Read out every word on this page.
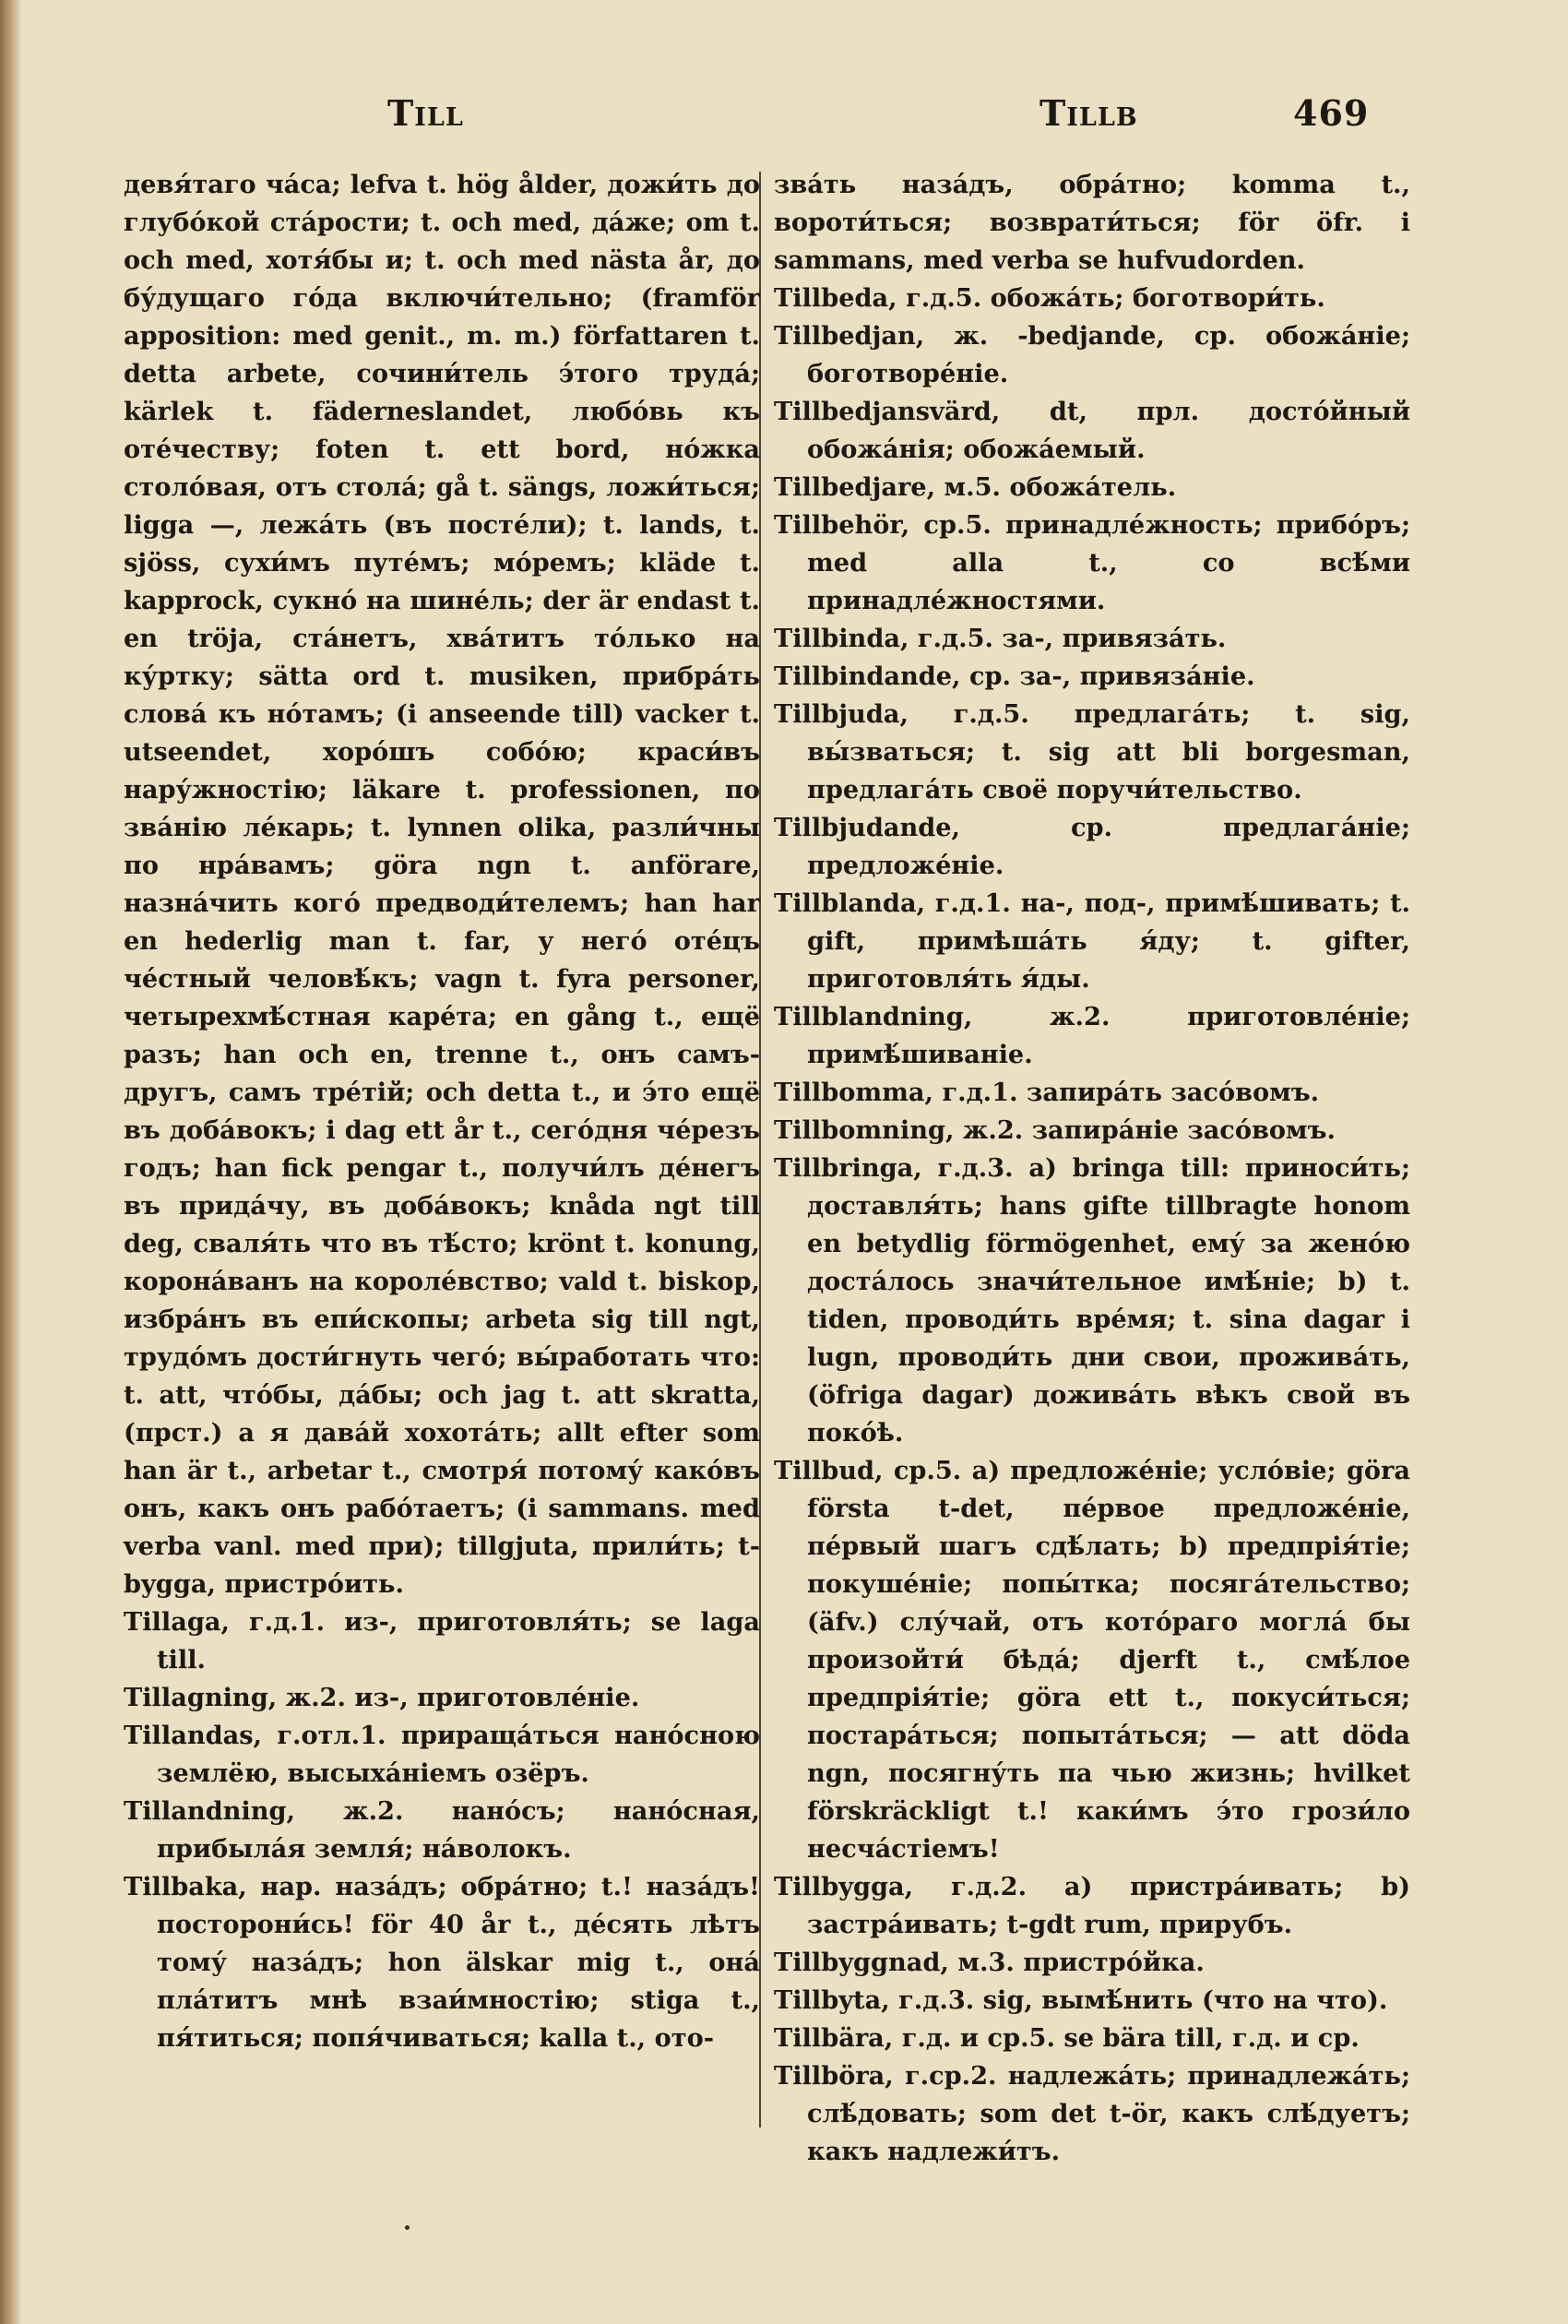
Till	Tillb	469

девя́таго ча́са; lefva t. hög ålder, дожи́ть до глубо́кой ста́рости; t. och med, да́же; om t. och med, хотя́бы и; t. och med nästa år, до бу́дущаго го́да включи́тельно; (framför apposition: med genit., m. m.) författaren t. detta arbete, сочини́тель э́того труда́; kärlek t. fäderneslandet, любо́вь къ оте́честву; foten t. ett bord, но́жка столо́вая, отъ стола́; gå t. sängs, ложи́ться; ligga —, лежа́ть (въ посте́ли); t. lands, t. sjöss, сухи́мъ путе́мъ; мо́ремъ; kläde t. kapprock, сукно́ на шине́ль; der är endast t. en tröja, ста́нетъ, хва́титъ то́лько на ку́ртку; sätta ord t. musiken, прибра́ть слова́ къ но́тамъ; (i anseende till) vacker t. utseendet, хоро́шъ собо́ю; краси́въ нару́жностію; läkare t. professionen, по зва́нію ле́карь; t. lynnen olika, разли́чны по нра́вамъ; göra ngn t. anförare, назна́чить кого́ предводи́телемъ; han har en hederlig man t. far, у него́ оте́цъ че́стный человѣ́къ; vagn t. fyra personer, четырехмѣ́стная каре́та; en gång t., ещё разъ; han och en, trenne t., онъ самъ-другъ, самъ тре́тій; och detta t., и э́то ещё въ доба́вокъ; i dag ett år t., сего́дня че́резъ годъ; han fick pengar t., получи́лъ де́негъ въ прида́чу, въ доба́вокъ; knåda ngt till deg, сваля́ть что въ тѣ́сто; krönt t. konung, корона́ванъ на короле́вство; vald t. biskop, избра́нъ въ епи́скопы; arbeta sig till ngt, трудо́мъ дости́гнуть чего́; вы́работать что: t. att, что́бы, да́бы; och jag t. att skratta, (прст.) а я дава́й хохота́ть; allt efter som han är t., arbetar t., смотря́ потому́ како́въ онъ, какъ онъ рабо́таетъ; (i sammans. med verba vanl. med при); tillgjuta, прили́ть; t-bygga, пристро́ить.

Tillaga, г.д.1. из-, приготовля́ть; se laga till.

Tillagning, ж.2. из-, приготовле́ніе.

Tillandas, г.отл.1. прираща́ться нано́сною землёю, высыха́ніемъ озёръ.

Tillandning, ж.2. нано́съ; нано́сная, прибыла́я земля́; на́волокъ.

Tillbaka, нар. наза́дъ; обра́тно; t.! наза́дъ! посторони́сь! för 40 år t., де́сять лѣтъ тому́ наза́дъ; hon älskar mig t., она́ пла́титъ мнѣ взаи́мностію; stiga t., пя́титься; попя́чиваться; kalla t., ото-

зва́ть наза́дъ, обра́тно; komma t., вороти́ться; возврати́ться; för öfr. i sammans, med verba se hufvudorden.

Tillbeda, г.д.5. обожа́ть; боготвори́ть.

Tillbedjan, ж. -bedjande, ср. обожа́ніе; боготворе́ніе.

Tillbedjansvärd, dt, прл. досто́йный обожа́нія; обожа́емый.

Tillbedjare, м.5. обожа́тель.

Tillbehör, ср.5. принадле́жность; прибо́ръ; med alla t., со всѣ́ми принадле́жностями.

Tillbinda, г.д.5. за-, привяза́ть.

Tillbindande, ср. за-, привяза́ніе.

Tillbjuda, г.д.5. предлага́ть; t. sig, вы́зваться; t. sig att bli borgesman, предлага́ть своё поручи́тельство.

Tillbjudande, ср. предлага́ніе; предложе́ніе.

Tillblanda, г.д.1. на-, под-, примѣ́шивать; t. gift, примѣша́ть я́ду; t. gifter, приготовля́ть я́ды.

Tillblandning, ж.2. приготовле́ніе; примѣ́шиваніе.

Tillbomma, г.д.1. запира́ть засо́вомъ.

Tillbomning, ж.2. запира́ніе засо́вомъ.

Tillbringa, г.д.3. a) bringa till: приноси́ть; доставля́ть; hans gifte tillbragte honom en betydlig förmögenhet, ему́ за жено́ю доста́лось значи́тельное имѣ́ніе; b) t. tiden, проводи́ть вре́мя; t. sina dagar i lugn, проводи́ть дни свои, прожива́ть, (öfriga dagar) дожива́ть вѣкъ свой въ поко́ѣ.

Tillbud, ср.5. a) предложе́ніе; усло́віе; göra första t-det, пе́рвое предложе́ніе, пе́рвый шагъ сдѣ́лать; b) предпрія́тіе; покуше́ніе; попы́тка; посяга́тельство; (äfv.) слу́чай, отъ кото́раго могла́ бы произойти́ бѣда́; djerft t., смѣ́лое предпрія́тіе; göra ett t., покуси́ться; постара́ться; попыта́ться; — att döda ngn, посягну́ть па чью жизнь; hvilket förskräckligt t.! каки́мъ э́то грози́ло несча́стіемъ!

Tillbygga, г.д.2. a) пристра́ивать; b) застра́ивать; t-gdt rum, прирубъ.

Tillbyggnad, м.3. пристро́йка.

Tillbyta, г.д.3. sig, вымѣ́нить (что на что).

Tillbära, г.д. и ср.5. se bära till, г.д. и ср.

Tillböra, г.ср.2. надлежа́ть; принадлежа́ть; слѣ́довать; som det t-ör, какъ слѣ́дуетъ; какъ надлежи́тъ.
